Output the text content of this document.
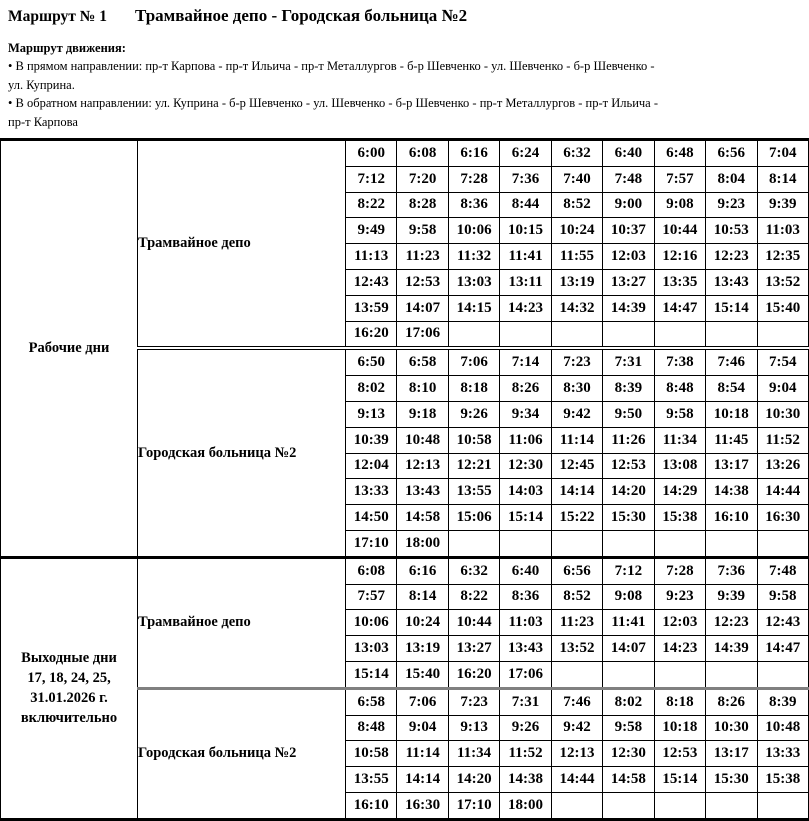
Маршрут № 1	Трамвайное депо - Городская больница №2
Маршрут движения:
• В прямом направлении: пр-т Карпова - пр-т Ильича - пр-т Металлургов - б-р Шевченко - ул. Шевченко - б-р Шевченко -
ул. Куприна.
• В обратном направлении: ул. Куприна - б-р Шевченко - ул. Шевченко - б-р Шевченко - пр-т Металлургов - пр-т Ильича -
пр-т Карпова
Рабочие дни	Трамвайное депо	6:00	6:08	6:16	6:24	6:32	6:40	6:48	6:56	7:04
		7:12	7:20	7:28	7:36	7:40	7:48	7:57	8:04	8:14
		8:22	8:28	8:36	8:44	8:52	9:00	9:08	9:23	9:39
		9:49	9:58	10:06	10:15	10:24	10:37	10:44	10:53	11:03
		11:13	11:23	11:32	11:41	11:55	12:03	12:16	12:23	12:35
		12:43	12:53	13:03	13:11	13:19	13:27	13:35	13:43	13:52
		13:59	14:07	14:15	14:23	14:32	14:39	14:47	15:14	15:40
		16:20	17:06							
	Городская больница №2	6:50	6:58	7:06	7:14	7:23	7:31	7:38	7:46	7:54
		8:02	8:10	8:18	8:26	8:30	8:39	8:48	8:54	9:04
		9:13	9:18	9:26	9:34	9:42	9:50	9:58	10:18	10:30
		10:39	10:48	10:58	11:06	11:14	11:26	11:34	11:45	11:52
		12:04	12:13	12:21	12:30	12:45	12:53	13:08	13:17	13:26
		13:33	13:43	13:55	14:03	14:14	14:20	14:29	14:38	14:44
		14:50	14:58	15:06	15:14	15:22	15:30	15:38	16:10	16:30
		17:10	18:00							

Выходные дни
17, 18, 24, 25,
31.01.2026 г.
включительно	Трамвайное депо	6:08	6:16	6:32	6:40	6:56	7:12	7:28	7:36	7:48
		7:57	8:14	8:22	8:36	8:52	9:08	9:23	9:39	9:58
		10:06	10:24	10:44	11:03	11:23	11:41	12:03	12:23	12:43
		13:03	13:19	13:27	13:43	13:52	14:07	14:23	14:39	14:47
		15:14	15:40	16:20	17:06					
	Городская больница №2	6:58	7:06	7:23	7:31	7:46	8:02	8:18	8:26	8:39
		8:48	9:04	9:13	9:26	9:42	9:58	10:18	10:30	10:48
		10:58	11:14	11:34	11:52	12:13	12:30	12:53	13:17	13:33
		13:55	14:14	14:20	14:38	14:44	14:58	15:14	15:30	15:38
		16:10	16:30	17:10	18:00					
